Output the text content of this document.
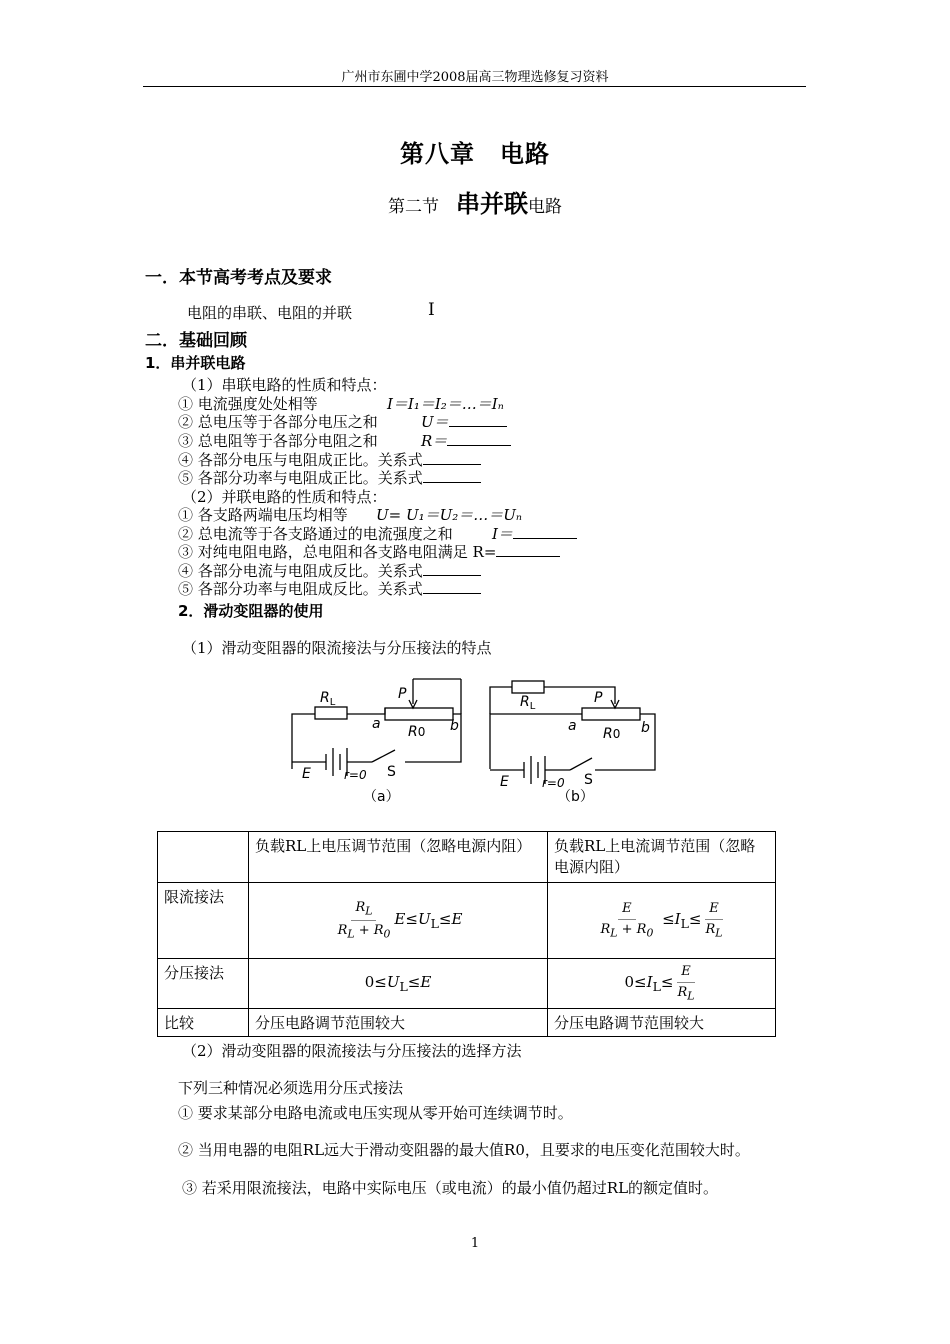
广州市东圃中学2008届高三物理选修复习资料
第八章　电路
第二节　串并联电路
一．本节高考考点及要求
电阻的串联、电阻的并联	Ⅰ
二．基础回顾
1．串并联电路
（1）串联电路的性质和特点：
① 电流强度处处相等	I＝I₁＝I₂＝…＝Iₙ
② 总电压等于各部分电压之和	U＝
③ 总电阻等于各部分电阻之和	R＝
④ 各部分电压与电阻成正比。关系式
⑤ 各部分功率与电阻成正比。关系式
（2）并联电路的性质和特点：
① 各支路两端电压均相等 U= U₁＝U₂＝…＝Uₙ
② 总电流等于各支路通过的电流强度之和	I＝
③ 对纯电阻电路，总电阻和各支路电阻满足 R=
④ 各部分电流与电阻成反比。关系式
⑤ 各部分功率与电阻成反比。关系式
2．滑动变阻器的使用
（1）滑动变阻器的限流接法与分压接法的特点
$R_L$
P
a	b
R0
E	r=0 S
（a）
$R_L$
P
a	b
R0
E	r=0 S
（b）
	负载RL上电压调节范围（忽略电源内阻）	负载RL上电流调节范围（忽略电源内阻）
限流接法	$\frac{R_L}{R_L + R_0} E\le U_L\le E$	$\frac{E}{R_L + R_0} \le I_L\le \frac{E}{R_L}$

分压接法	$0\le U_L\le E$	$0\le I_L\le \frac{E}{R_L}$

比较	分压电路调节范围较大	分压电路调节范围较大
（2）滑动变阻器的限流接法与分压接法的选择方法
下列三种情况必须选用分压式接法
① 要求某部分电路电流或电压实现从零开始可连续调节时。
② 当用电器的电阻RL远大于滑动变阻器的最大值R0，且要求的电压变化范围较大时。
③ 若采用限流接法，电路中实际电压（或电流）的最小值仍超过RL的额定值时。
1
